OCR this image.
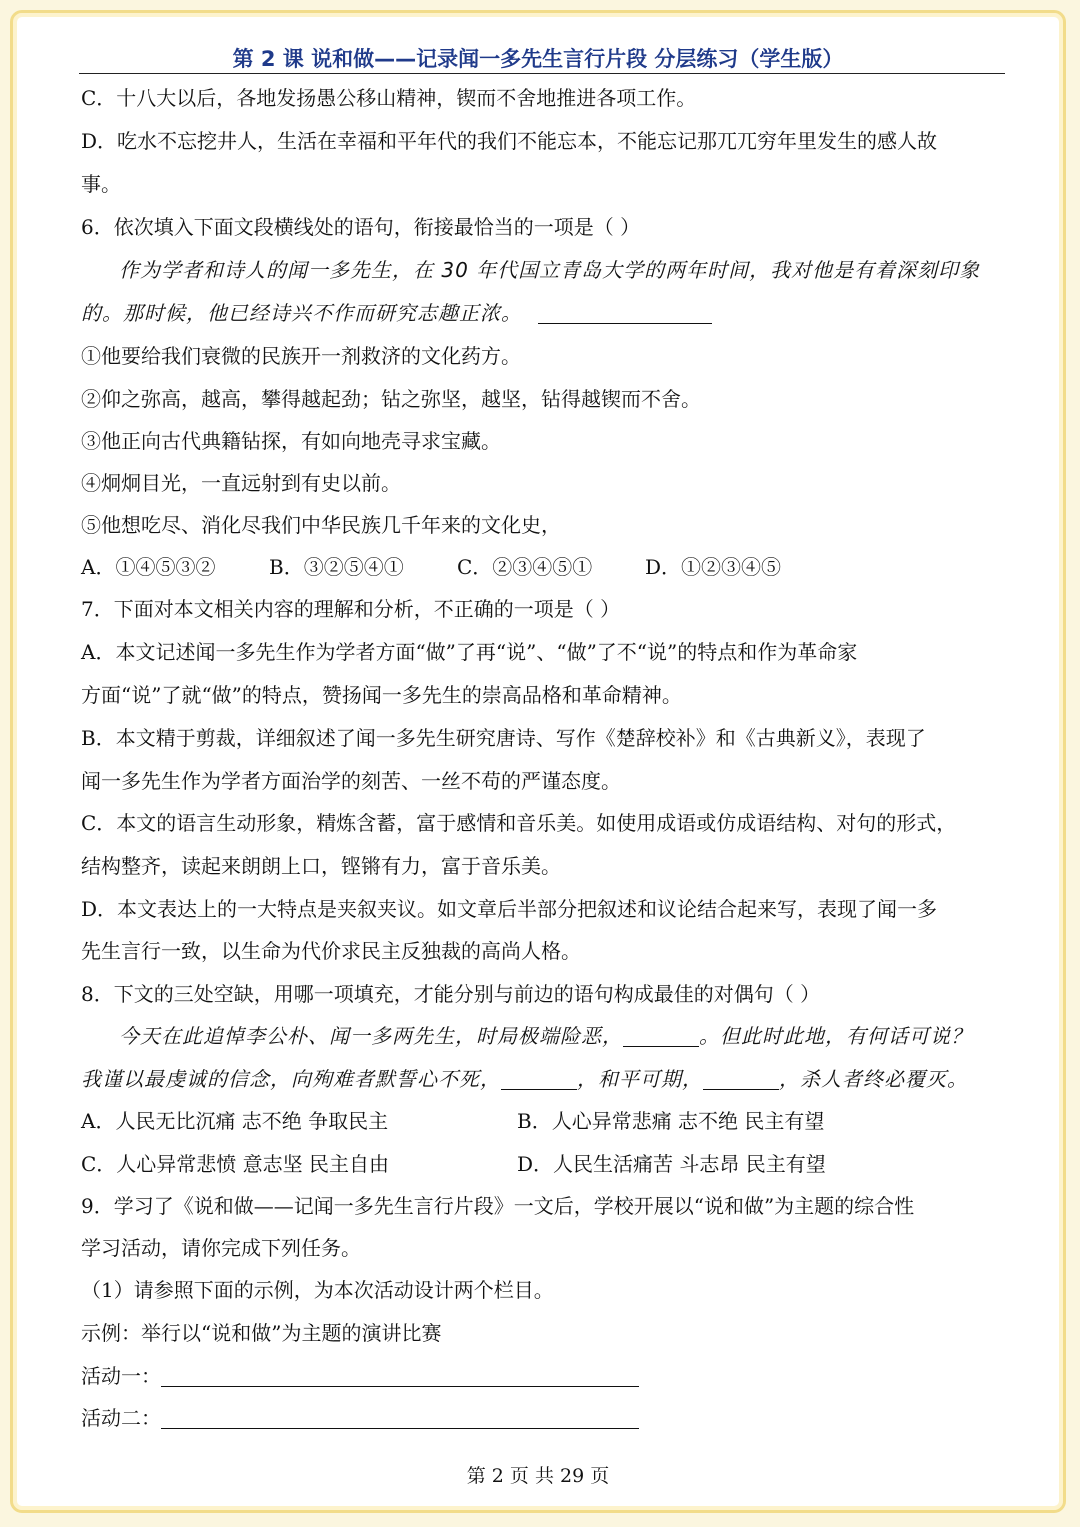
第 2 课 说和做——记录闻一多先生言行片段 分层练习（学生版）
C．十八大以后，各地发扬愚公移山精神，锲而不舍地推进各项工作。
D．吃水不忘挖井人，生活在幸福和平年代的我们不能忘本，不能忘记那兀兀穷年里发生的感人故
事。
6．依次填入下面文段横线处的语句，衔接最恰当的一项是（ ）
作为学者和诗人的闻一多先生，在 30 年代国立青岛大学的两年时间，我对他是有着深刻印象
的。那时候，他已经诗兴不作而研究志趣正浓。
①他要给我们衰微的民族开一剂救济的文化药方。
②仰之弥高，越高，攀得越起劲；钻之弥坚，越坚，钻得越锲而不舍。
③他正向古代典籍钻探，有如向地壳寻求宝藏。
④炯炯目光，一直远射到有史以前。
⑤他想吃尽、消化尽我们中华民族几千年来的文化史，
A．①④⑤③②	B．③②⑤④①	C．②③④⑤①	D．①②③④⑤
7．下面对本文相关内容的理解和分析，不正确的一项是（ ）
A．本文记述闻一多先生作为学者方面“做”了再“说”、“做”了不“说”的特点和作为革命家
方面“说”了就“做”的特点，赞扬闻一多先生的崇高品格和革命精神。
B．本文精于剪裁，详细叙述了闻一多先生研究唐诗、写作《楚辞校补》和《古典新义》，表现了
闻一多先生作为学者方面治学的刻苦、一丝不苟的严谨态度。
C．本文的语言生动形象，精炼含蓄，富于感情和音乐美。如使用成语或仿成语结构、对句的形式，
结构整齐，读起来朗朗上口，铿锵有力，富于音乐美。
D．本文表达上的一大特点是夹叙夹议。如文章后半部分把叙述和议论结合起来写，表现了闻一多
先生言行一致，以生命为代价求民主反独裁的高尚人格。
8．下文的三处空缺，用哪一项填充，才能分别与前边的语句构成最佳的对偶句（ ）
今天在此追悼李公朴、闻一多两先生，时局极端险恶，	。但此时此地，有何话可说？
我谨以最虔诚的信念，向殉难者默誓心不死，	，和平可期，	，杀人者终必覆灭。
A．人民无比沉痛 志不绝 争取民主	B．人心异常悲痛 志不绝 民主有望
C．人心异常悲愤 意志坚 民主自由	D．人民生活痛苦 斗志昂 民主有望
9．学习了《说和做——记闻一多先生言行片段》一文后，学校开展以“说和做”为主题的综合性
学习活动，请你完成下列任务。
（1）请参照下面的示例，为本次活动设计两个栏目。
示例：举行以“说和做”为主题的演讲比赛
活动一：
活动二：
第 2 页 共 29 页
